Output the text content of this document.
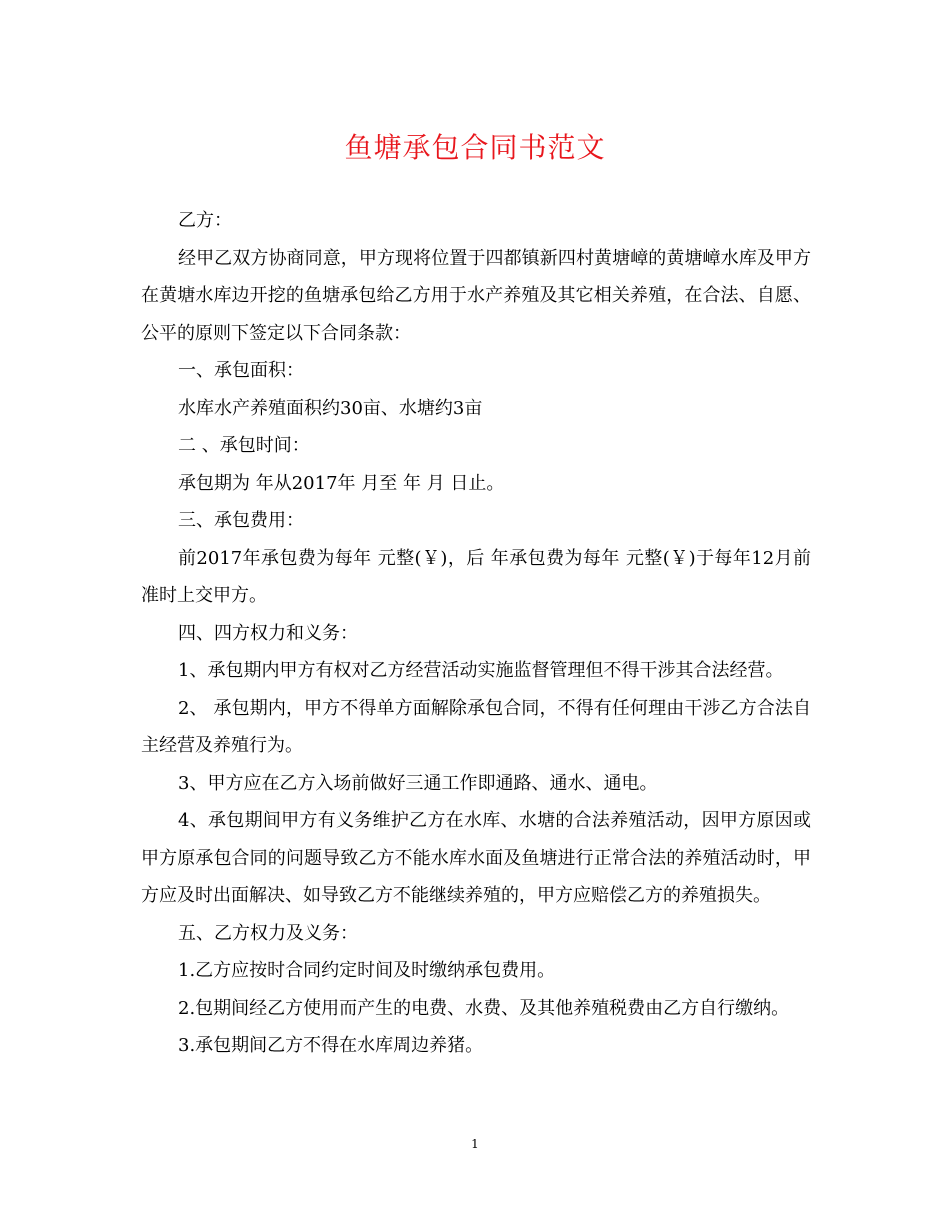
鱼塘承包合同书范文

乙方：

经甲乙双方协商同意，甲方现将位置于四都镇新四村黄塘嶂的黄塘嶂水库及甲方在黄塘水库边开挖的鱼塘承包给乙方用于水产养殖及其它相关养殖，在合法、自愿、公平的原则下签定以下合同条款：

一、承包面积：

水库水产养殖面积约30亩、水塘约3亩

二 、承包时间：

承包期为 年从2017年 月至 年 月 日止。

三、承包费用：

前2017年承包费为每年 元整(￥)，后 年承包费为每年 元整(￥)于每年12月前准时上交甲方。

四、四方权力和义务：

1、承包期内甲方有权对乙方经营活动实施监督管理但不得干涉其合法经营。

2、 承包期内，甲方不得单方面解除承包合同，不得有任何理由干涉乙方合法自主经营及养殖行为。

3、甲方应在乙方入场前做好三通工作即通路、通水、通电。

4、承包期间甲方有义务维护乙方在水库、水塘的合法养殖活动，因甲方原因或甲方原承包合同的问题导致乙方不能水库水面及鱼塘进行正常合法的养殖活动时，甲方应及时出面解决、如导致乙方不能继续养殖的，甲方应赔偿乙方的养殖损失。

五、乙方权力及义务：

1.乙方应按时合同约定时间及时缴纳承包费用。

2.包期间经乙方使用而产生的电费、水费、及其他养殖税费由乙方自行缴纳。

3.承包期间乙方不得在水库周边养猪。

1
